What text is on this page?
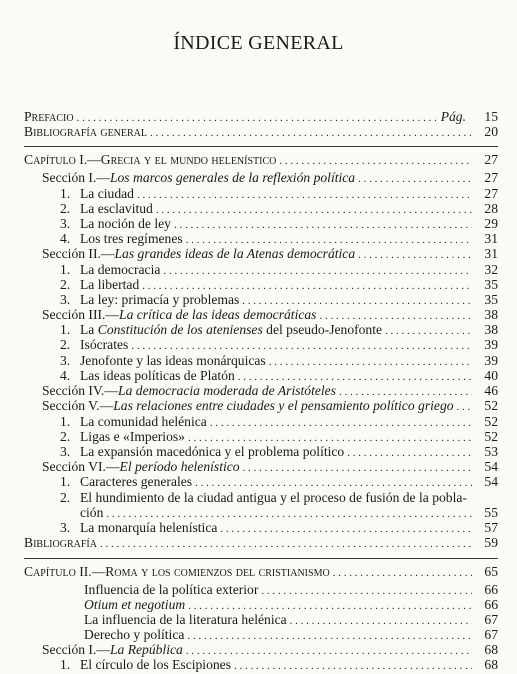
ÍNDICE GENERAL
Prefacio . . .	Pág.	15
Bibliografía general . . .	20
Capítulo I.—Grecia y el mundo helenístico . . .	27
Sección I.—Los marcos generales de la reflexión política . . .	27
1. La ciudad . . .	27
2. La esclavitud . . .	28
3. La noción de ley . . .	29
4. Los tres regímenes . . .	31
Sección II.—Las grandes ideas de la Atenas democrática . . .	31
1. La democracia . . .	32
2. La libertad . . .	35
3. La ley: primacía y problemas . . .	35
Sección III.—La crítica de las ideas democráticas . . .	38
1. La Constitución de los atenienses del pseudo-Jenofonte . . .	38
2. Isócrates . . .	39
3. Jenofonte y las ideas monárquicas . . .	39
4. Las ideas políticas de Platón . . .	40
Sección IV.—La democracia moderada de Aristóteles . . .	46
Sección V.—Las relaciones entre ciudades y el pensamiento político griego . . .	52
1. La comunidad helénica . . .	52
2. Ligas e «Imperios» . . .	52
3. La expansión macedónica y el problema político . . .	53
Sección VI.—El período helenístico . . .	54
1. Caracteres generales . . .	54
2. El hundimiento de la ciudad antigua y el proceso de fusión de la pobla-
ción . . .	55
3. La monarquía helenística . . .	57
Bibliografía . . .	59
Capítulo II.—Roma y los comienzos del cristianismo . . .	65
Influencia de la política exterior . . .	66
Otium et negotium . . .	66
La influencia de la literatura helénica . . .	67
Derecho y política . . .	67
Sección I.—La República . . .	68
1. El círculo de los Escipiones . . .	68
